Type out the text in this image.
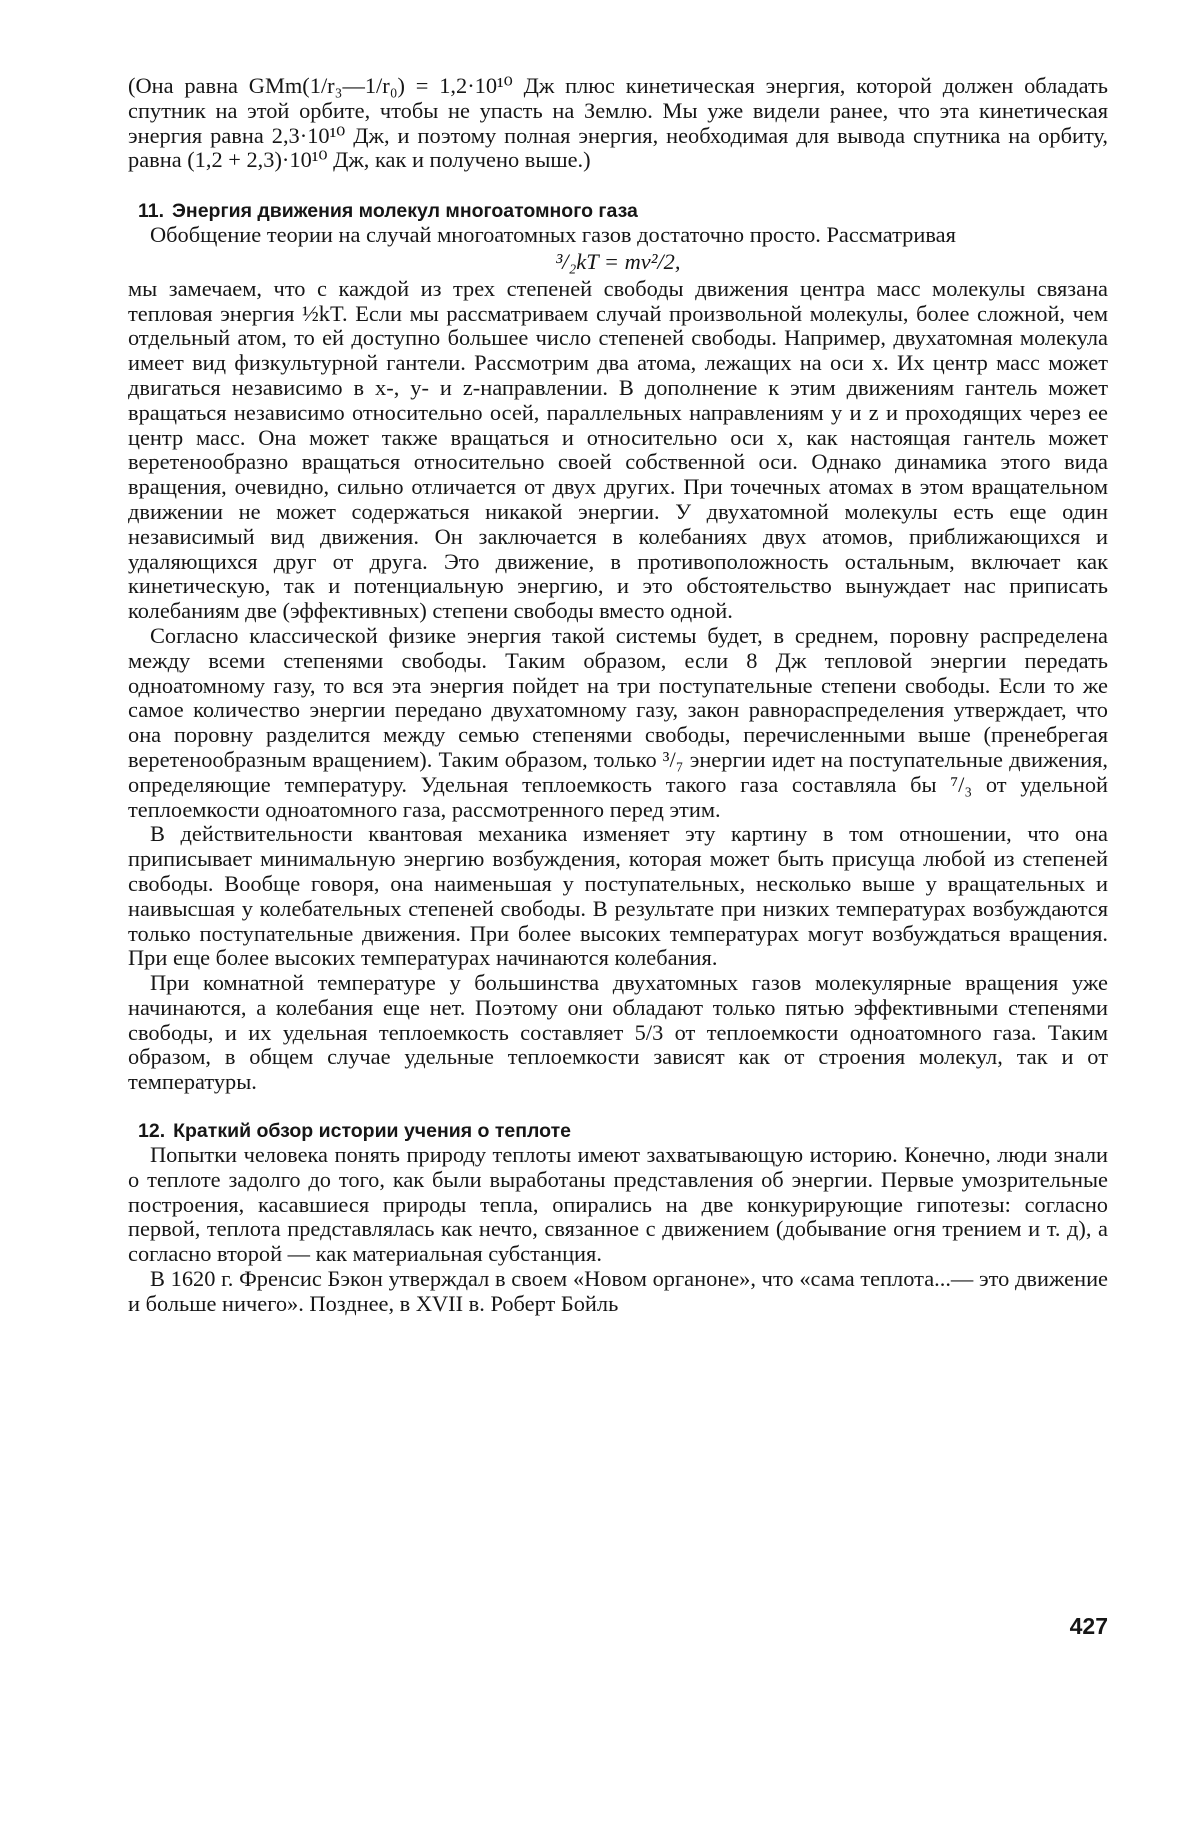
(Она равна GMm(1/r₃—1/r₀) = 1,2·10¹⁰ Дж плюс кинетическая энергия, которой должен обладать спутник на этой орбите, чтобы не упасть на Землю. Мы уже видели ранее, что эта кинетическая энергия равна 2,3·10¹⁰ Дж, и поэтому полная энергия, необходимая для вывода спутника на орбиту, равна (1,2 + 2,3)·10¹⁰ Дж, как и получено выше.)

11. Энергия движения молекул многоатомного газа

Обобщение теории на случай многоатомных газов достаточно просто. Рассматривая

³/₂kT = mv²/2,

мы замечаем, что с каждой из трех степеней свободы движения центра масс молекулы связана тепловая энергия ½kT. Если мы рассматриваем случай произвольной молекулы, более сложной, чем отдельный атом, то ей доступно большее число степеней свободы. Например, двухатомная молекула имеет вид физкультурной гантели. Рассмотрим два атома, лежащих на оси x. Их центр масс может двигаться независимо в x-, y- и z-направлении. В дополнение к этим движениям гантель может вращаться независимо относительно осей, параллельных направлениям y и z и проходящих через ее центр масс. Она может также вращаться и относительно оси x, как настоящая гантель может веретенообразно вращаться относительно своей собственной оси. Однако динамика этого вида вращения, очевидно, сильно отличается от двух других. При точечных атомах в этом вращательном движении не может содержаться никакой энергии. У двухатомной молекулы есть еще один независимый вид движения. Он заключается в колебаниях двух атомов, приближающихся и удаляющихся друг от друга. Это движение, в противоположность остальным, включает как кинетическую, так и потенциальную энергию, и это обстоятельство вынуждает нас приписать колебаниям две (эффективных) степени свободы вместо одной.

Согласно классической физике энергия такой системы будет, в среднем, поровну распределена между всеми степенями свободы. Таким образом, если 8 Дж тепловой энергии передать одноатомному газу, то вся эта энергия пойдет на три поступательные степени свободы. Если то же самое количество энергии передано двухатомному газу, закон равнораспределения утверждает, что она поровну разделится между семью степенями свободы, перечисленными выше (пренебрегая веретенообразным вращением). Таким образом, только ³/₇ энергии идет на поступательные движения, определяющие температуру. Удельная теплоемкость такого газа составляла бы ⁷/₃ от удельной теплоемкости одноатомного газа, рассмотренного перед этим.

В действительности квантовая механика изменяет эту картину в том отношении, что она приписывает минимальную энергию возбуждения, которая может быть присуща любой из степеней свободы. Вообще говоря, она наименьшая у поступательных, несколько выше у вращательных и наивысшая у колебательных степеней свободы. В результате при низких температурах возбуждаются только поступательные движения. При более высоких температурах могут возбуждаться вращения. При еще более высоких температурах начинаются колебания.

При комнатной температуре у большинства двухатомных газов молекулярные вращения уже начинаются, а колебания еще нет. Поэтому они обладают только пятью эффективными степенями свободы, и их удельная теплоемкость составляет 5/3 от теплоемкости одноатомного газа. Таким образом, в общем случае удельные теплоемкости зависят как от строения молекул, так и от температуры.

12. Краткий обзор истории учения о теплоте

Попытки человека понять природу теплоты имеют захватывающую историю. Конечно, люди знали о теплоте задолго до того, как были выработаны представления об энергии. Первые умозрительные построения, касавшиеся природы тепла, опирались на две конкурирующие гипотезы: согласно первой, теплота представлялась как нечто, связанное с движением (добывание огня трением и т. д), а согласно второй — как материальная субстанция.

В 1620 г. Френсис Бэкон утверждал в своем «Новом органоне», что «сама теплота...— это движение и больше ничего». Позднее, в XVII в. Роберт Бойль

427
